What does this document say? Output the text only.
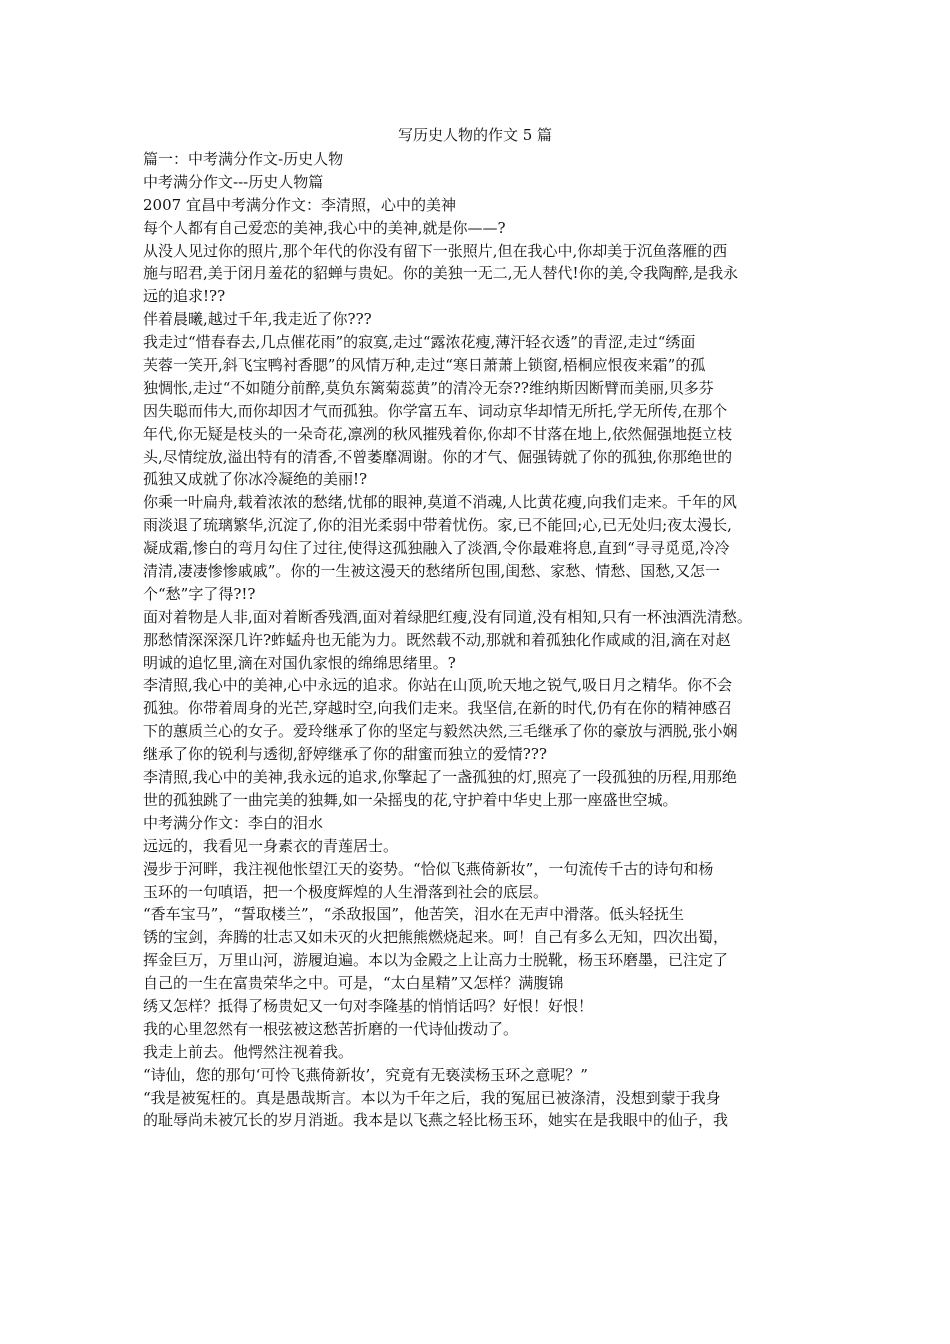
写历史人物的作文 5 篇
篇一：中考满分作文-历史人物
中考满分作文---历史人物篇
2007 宜昌中考满分作文：李清照，心中的美神
每个人都有自己爱恋的美神,我心中的美神,就是你——?
从没人见过你的照片,那个年代的你没有留下一张照片,但在我心中,你却美于沉鱼落雁的西
施与昭君,美于闭月羞花的貂蝉与贵妃。你的美独一无二,无人替代!你的美,令我陶醉,是我永
远的追求!??
伴着晨曦,越过千年,我走近了你???
我走过“惜春春去,几点催花雨”的寂寞,走过“露浓花瘦,薄汗轻衣透”的青涩,走过“绣面
芙蓉一笑开,斜飞宝鸭衬香腮”的风情万种,走过“寒日萧萧上锁窗,梧桐应恨夜来霜”的孤
独惆怅,走过“不如随分前醉,莫负东篱菊蕊黄”的清冷无奈??维纳斯因断臂而美丽,贝多芬
因失聪而伟大,而你却因才气而孤独。你学富五车、词动京华却情无所托,学无所传,在那个
年代,你无疑是枝头的一朵奇花,凛冽的秋风摧残着你,你却不甘落在地上,依然倔强地挺立枝
头,尽情绽放,溢出特有的清香,不曾萎靡凋谢。你的才气、倔强铸就了你的孤独,你那绝世的
孤独又成就了你冰冷凝绝的美丽!?
你乘一叶扁舟,载着浓浓的愁绪,忧郁的眼神,莫道不消魂,人比黄花瘦,向我们走来。千年的风
雨淡退了琉璃繁华,沉淀了,你的泪光柔弱中带着忧伤。家,已不能回;心,已无处归;夜太漫长,
凝成霜,惨白的弯月勾住了过往,使得这孤独融入了淡酒,令你最难将息,直到“寻寻觅觅,冷冷
清清,凄凄惨惨戚戚”。你的一生被这漫天的愁绪所包围,闺愁、家愁、情愁、国愁,又怎一
个“愁”字了得?!?
面对着物是人非,面对着断香残酒,面对着绿肥红瘦,没有同道,没有相知,只有一杯浊酒洗清愁。
那愁情深深深几许?蚱蜢舟也无能为力。既然载不动,那就和着孤独化作咸咸的泪,滴在对赵
明诚的追忆里,滴在对国仇家恨的绵绵思绪里。?
李清照,我心中的美神,心中永远的追求。你站在山顶,吮天地之锐气,吸日月之精华。你不会
孤独。你带着周身的光芒,穿越时空,向我们走来。我坚信,在新的时代,仍有在你的精神感召
下的蕙质兰心的女子。爱玲继承了你的坚定与毅然决然,三毛继承了你的豪放与洒脱,张小娴
继承了你的锐利与透彻,舒婷继承了你的甜蜜而独立的爱情???
李清照,我心中的美神,我永远的追求,你擎起了一盏孤独的灯,照亮了一段孤独的历程,用那绝
世的孤独跳了一曲完美的独舞,如一朵摇曳的花,守护着中华史上那一座盛世空城。
中考满分作文：李白的泪水
远远的，我看见一身素衣的青莲居士。
漫步于河畔，我注视他怅望江天的姿势。“恰似飞燕倚新妆”，一句流传千古的诗句和杨
玉环的一句嗔语，把一个极度辉煌的人生滑落到社会的底层。
“香车宝马”，“誓取楼兰”，“杀敌报国”，他苦笑，泪水在无声中滑落。低头轻抚生
锈的宝剑，奔腾的壮志又如未灭的火把熊熊燃烧起来。呵！自己有多么无知，四次出蜀，
挥金巨万，万里山河，游履迫遍。本以为金殿之上让高力士脱靴，杨玉环磨墨，已注定了
自己的一生在富贵荣华之中。可是，“太白星精”又怎样？满腹锦
绣又怎样？抵得了杨贵妃又一句对李隆基的悄悄话吗？好恨！好恨！
我的心里忽然有一根弦被这愁苦折磨的一代诗仙拨动了。
我走上前去。他愕然注视着我。
“诗仙，您的那句‘可怜飞燕倚新妆’，究竟有无亵渎杨玉环之意呢？”
“我是被冤枉的。真是愚哉斯言。本以为千年之后，我的冤屈已被涤清，没想到蒙于我身
的耻辱尚未被冗长的岁月消逝。我本是以飞燕之轻比杨玉环，她实在是我眼中的仙子，我
